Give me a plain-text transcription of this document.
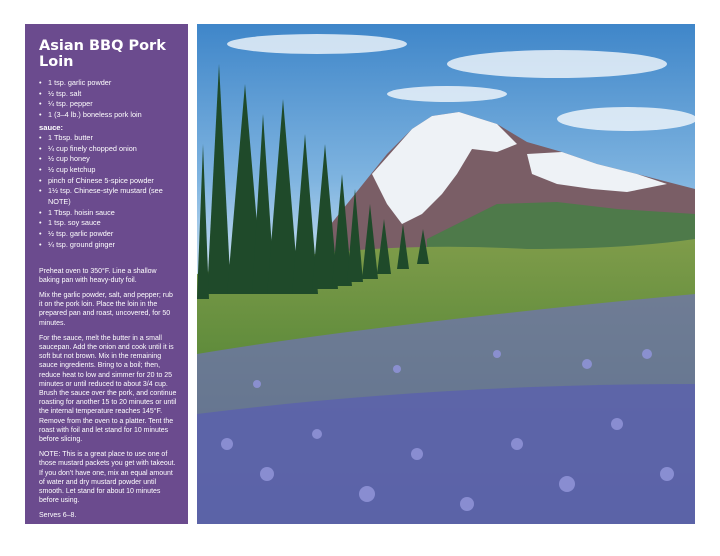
Asian BBQ Pork Loin
• 1 tsp. garlic powder
• ½ tsp. salt
• ¼ tsp. pepper
• 1 (3–4 lb.) boneless pork loin
sauce:
• 1 Tbsp. butter
• ¼ cup finely chopped onion
• ½ cup honey
• ½ cup ketchup
• pinch of Chinese 5-spice powder
• 1½ tsp. Chinese-style mustard (see NOTE)
• 1 Tbsp. hoisin sauce
• 1 tsp. soy sauce
• ½ tsp. garlic powder
• ¼ tsp. ground ginger

Preheat oven to 350°F. Line a shallow baking pan with heavy-duty foil.

Mix the garlic powder, salt, and pepper; rub it on the pork loin. Place the loin in the prepared pan and roast, uncovered, for 50 minutes.

For the sauce, melt the butter in a small saucepan. Add the onion and cook until it is soft but not brown. Mix in the remaining sauce ingredients. Bring to a boil; then, reduce heat to low and simmer for 20 to 25 minutes or until reduced to about 3/4 cup. Brush the sauce over the pork, and continue roasting for another 15 to 20 minutes or until the internal temperature reaches 145°F. Remove from the oven to a platter. Tent the roast with foil and let stand for 10 minutes before slicing.

NOTE: This is a great place to use one of those mustard packets you get with takeout. If you don’t have one, mix an equal amount of water and dry mustard powder until smooth. Let stand for about 10 minutes before using.

Serves 6–8.
